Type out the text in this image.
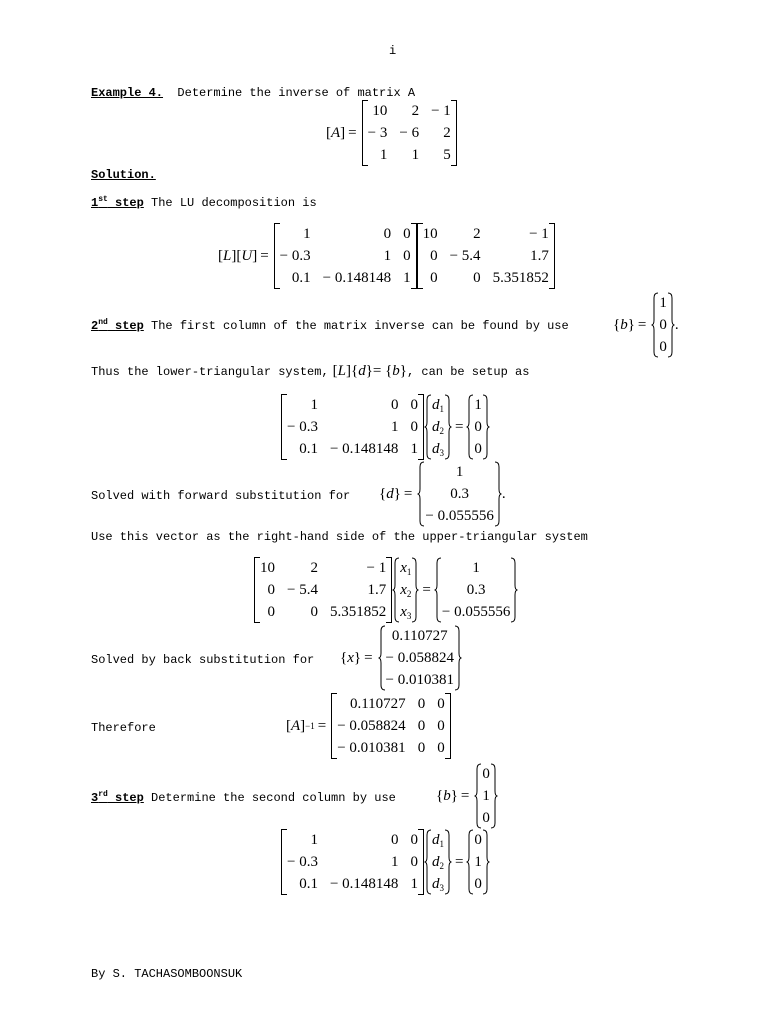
i
Example 4. Determine the inverse of matrix A
[ A ] =
10	2	− 1
− 3	− 6	2
1	1	5
Solution.
1st step The LU decomposition is
[ L ][ U ] =
1	0	0
− 0.3	1	0
0.1	− 0.148148	1
10	2	− 1
0	− 5.4	1.7
0	0	5.351852
2nd step The first column of the matrix inverse can be found by use	{ b } =
1
0
0
.
Thus the lower-triangular system, [L]{d}= {b} , can be setup as
1	0	0
− 0.3	1	0
0.1	− 0.148148	1
$d_1$
$d_2$
$d_3$
=
1
0
0
Solved with forward substitution for { d } =
1
0.3
− 0.055556
.
Use this vector as the right-hand side of the upper-triangular system
10	2	− 1
0	− 5.4	1.7
0	0	5.351852
$x_1$
$x_2$
$x_3$
=
1
0.3
− 0.055556
Solved by back substitution for { x } =
0.110727
− 0.058824
− 0.010381
Therefore	[ A ] −1 =
0.110727	0	0
− 0.058824	0	0
− 0.010381	0	0
3rd step Determine the second column by use	{ b } =
0
1
0
1	0	0
− 0.3	1	0
0.1	− 0.148148	1
$d_1$
$d_2$
$d_3$
=
0
1
0
By S. TACHASOMBOONSUK
